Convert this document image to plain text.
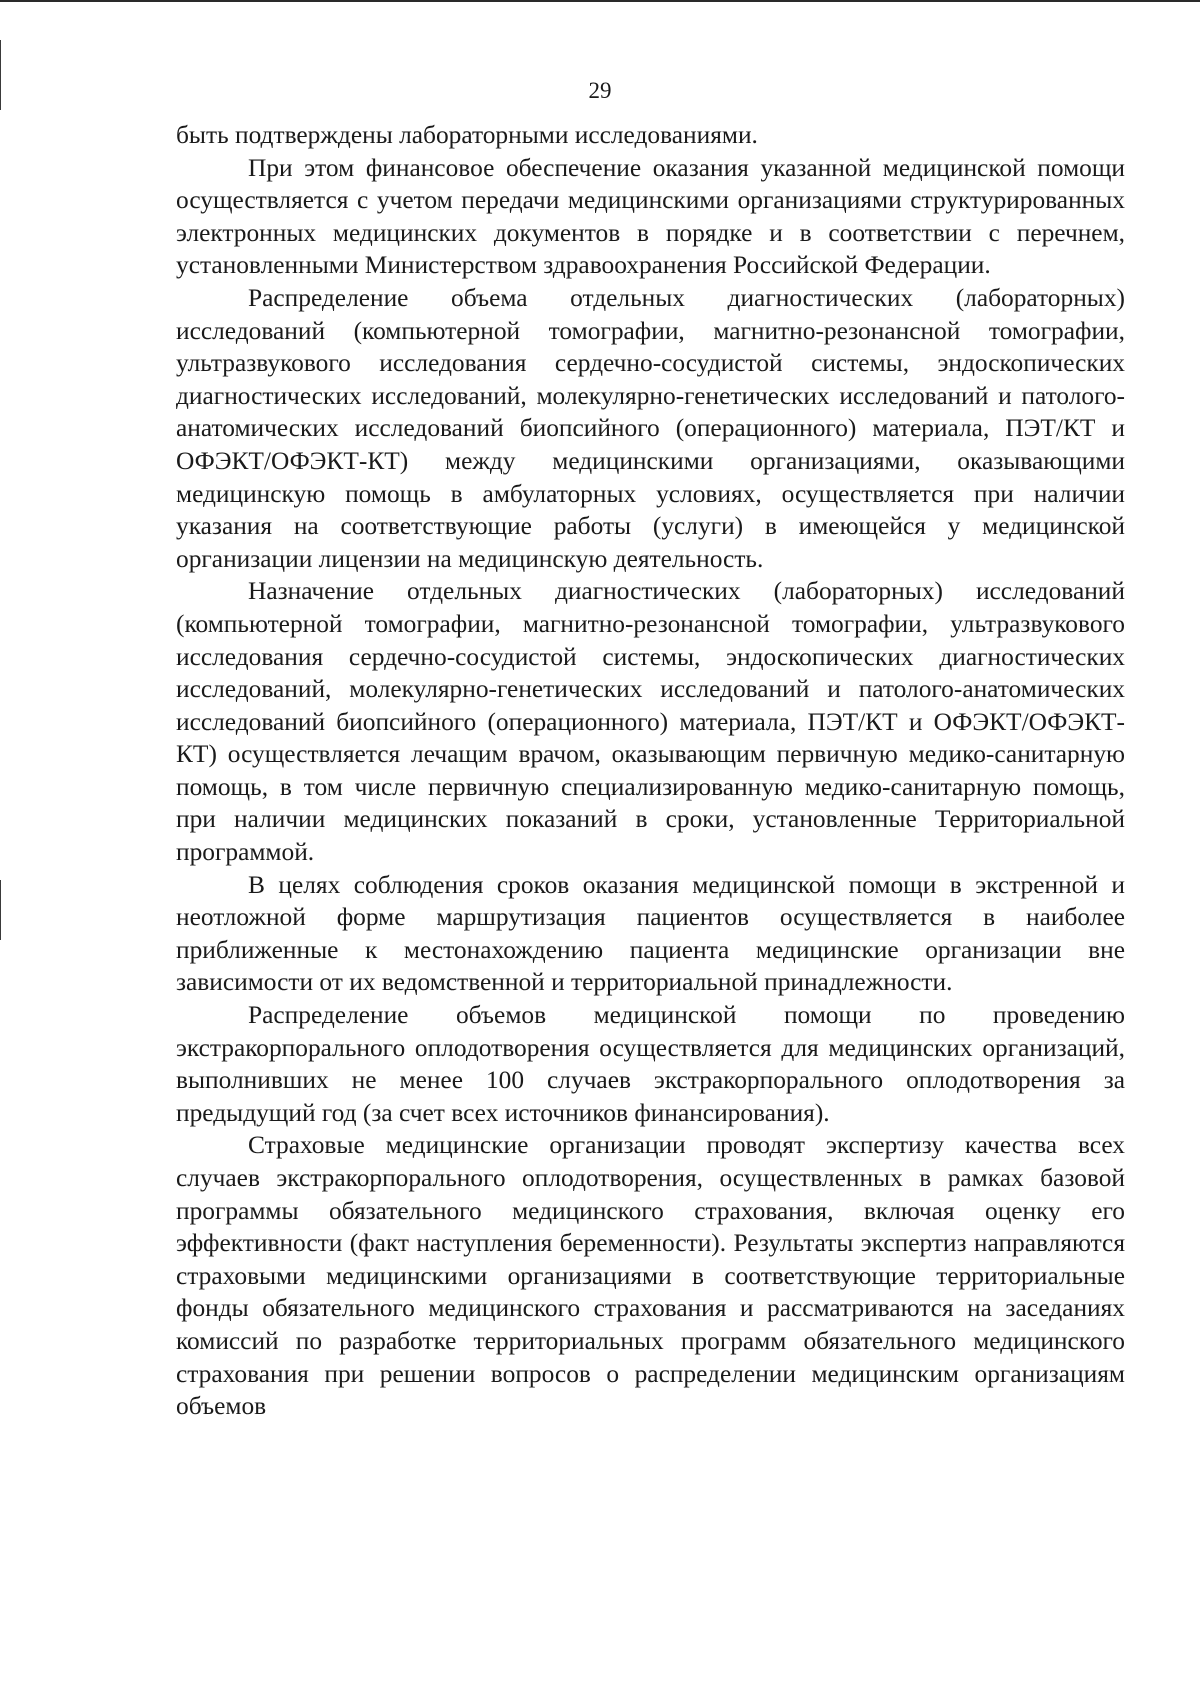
29

быть подтверждены лабораторными исследованиями.

При этом финансовое обеспечение оказания указанной медицинской помощи осуществляется с учетом передачи медицинскими организациями структурированных электронных медицинских документов в порядке и в соответствии с перечнем, установленными Министерством здравоохранения Российской Федерации.

Распределение объема отдельных диагностических (лабораторных) исследований (компьютерной томографии, магнитно-резонансной томографии, ультразвукового исследования сердечно-сосудистой системы, эндоскопических диагностических исследований, молекулярно-генетических исследований и патолого-анатомических исследований биопсийного (операционного) материала, ПЭТ/КТ и ОФЭКТ/ОФЭКТ-КТ) между медицинскими организациями, оказывающими медицинскую помощь в амбулаторных условиях, осуществляется при наличии указания на соответствующие работы (услуги) в имеющейся у медицинской организации лицензии на медицинскую деятельность.

Назначение отдельных диагностических (лабораторных) исследований (компьютерной томографии, магнитно-резонансной томографии, ультразвукового исследования сердечно-сосудистой системы, эндоскопических диагностических исследований, молекулярно-генетических исследований и патолого-анатомических исследований биопсийного (операционного) материала, ПЭТ/КТ и ОФЭКТ/ОФЭКТ-КТ) осуществляется лечащим врачом, оказывающим первичную медико-санитарную помощь, в том числе первичную специализированную медико-санитарную помощь, при наличии медицинских показаний в сроки, установленные Территориальной программой.

В целях соблюдения сроков оказания медицинской помощи в экстренной и неотложной форме маршрутизация пациентов осуществляется в наиболее приближенные к местонахождению пациента медицинские организации вне зависимости от их ведомственной и территориальной принадлежности.

Распределение объемов медицинской помощи по проведению экстракорпорального оплодотворения осуществляется для медицинских организаций, выполнивших не менее 100 случаев экстракорпорального оплодотворения за предыдущий год (за счет всех источников финансирования).

Страховые медицинские организации проводят экспертизу качества всех случаев экстракорпорального оплодотворения, осуществленных в рамках базовой программы обязательного медицинского страхования, включая оценку его эффективности (факт наступления беременности). Результаты экспертиз направляются страховыми медицинскими организациями в соответствующие территориальные фонды обязательного медицинского страхования и рассматриваются на заседаниях комиссий по разработке территориальных программ обязательного медицинского страхования при решении вопросов о распределении медицинским организациям объемов
